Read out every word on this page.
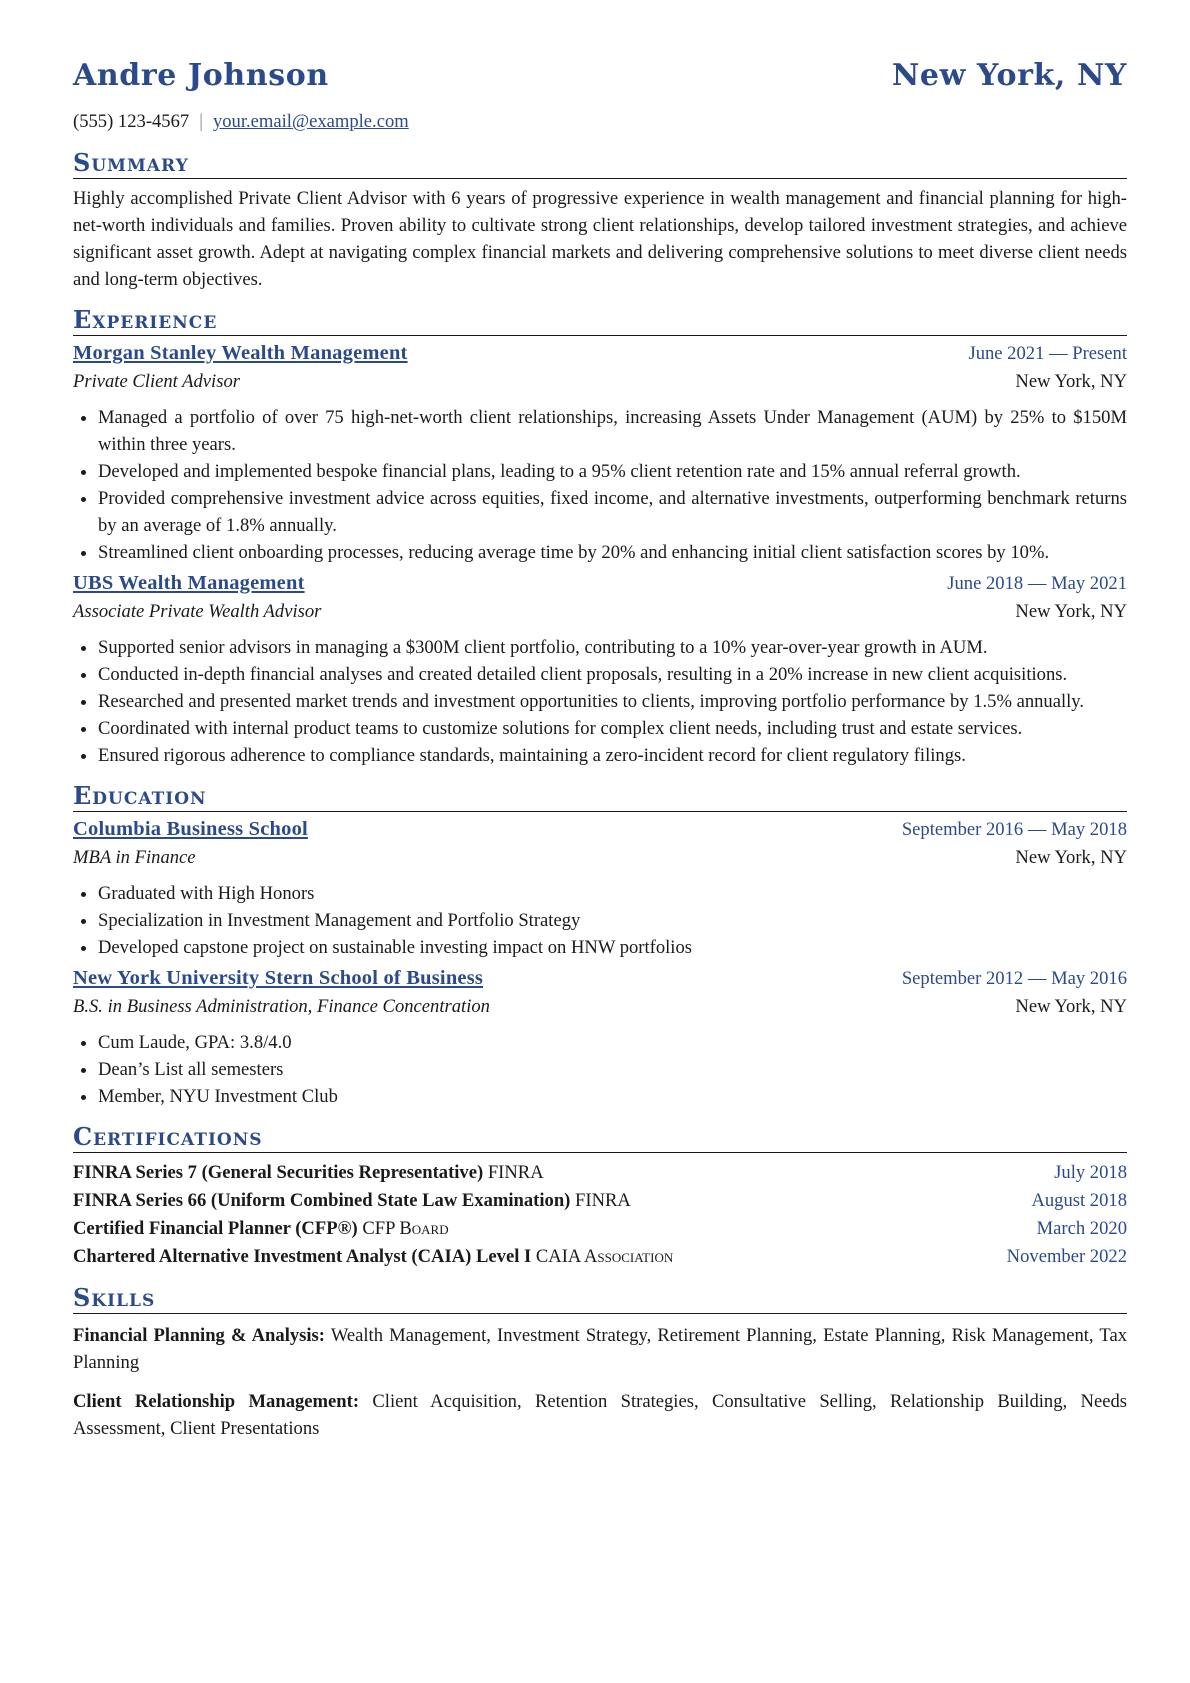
Andre Johnson	New York, NY
(555) 123-4567 | your.email@example.com
Summary
Highly accomplished Private Client Advisor with 6 years of progressive experience in wealth management and financial planning for high-net-worth individuals and families. Proven ability to cultivate strong client relationships, develop tailored investment strategies, and achieve significant asset growth. Adept at navigating complex financial markets and delivering comprehensive solutions to meet diverse client needs and long-term objectives.
Experience
Morgan Stanley Wealth Management	June 2021 — Present
Private Client Advisor	New York, NY
• Managed a portfolio of over 75 high-net-worth client relationships, increasing Assets Under Management (AUM) by 25% to $150M within three years.
• Developed and implemented bespoke financial plans, leading to a 95% client retention rate and 15% annual referral growth.
• Provided comprehensive investment advice across equities, fixed income, and alternative investments, outperforming benchmark returns by an average of 1.8% annually.
• Streamlined client onboarding processes, reducing average time by 20% and enhancing initial client satisfaction scores by 10%.
UBS Wealth Management	June 2018 — May 2021
Associate Private Wealth Advisor	New York, NY
• Supported senior advisors in managing a $300M client portfolio, contributing to a 10% year-over-year growth in AUM.
• Conducted in-depth financial analyses and created detailed client proposals, resulting in a 20% increase in new client acquisitions.
• Researched and presented market trends and investment opportunities to clients, improving portfolio performance by 1.5% annually.
• Coordinated with internal product teams to customize solutions for complex client needs, including trust and estate services.
• Ensured rigorous adherence to compliance standards, maintaining a zero-incident record for client regulatory filings.
Education
Columbia Business School	September 2016 — May 2018
MBA in Finance	New York, NY
• Graduated with High Honors
• Specialization in Investment Management and Portfolio Strategy
• Developed capstone project on sustainable investing impact on HNW portfolios
New York University Stern School of Business	September 2012 — May 2016
B.S. in Business Administration, Finance Concentration	New York, NY
• Cum Laude, GPA: 3.8/4.0
• Dean’s List all semesters
• Member, NYU Investment Club
Certifications
FINRA Series 7 (General Securities Representative) FINRA	July 2018
FINRA Series 66 (Uniform Combined State Law Examination) FINRA	August 2018
Certified Financial Planner (CFP®) CFP Board	March 2020
Chartered Alternative Investment Analyst (CAIA) Level I CAIA Association	November 2022
Skills
Financial Planning & Analysis: Wealth Management, Investment Strategy, Retirement Planning, Estate Planning, Risk Management, Tax Planning
Client Relationship Management: Client Acquisition, Retention Strategies, Consultative Selling, Relationship Building, Needs Assessment, Client Presentations
